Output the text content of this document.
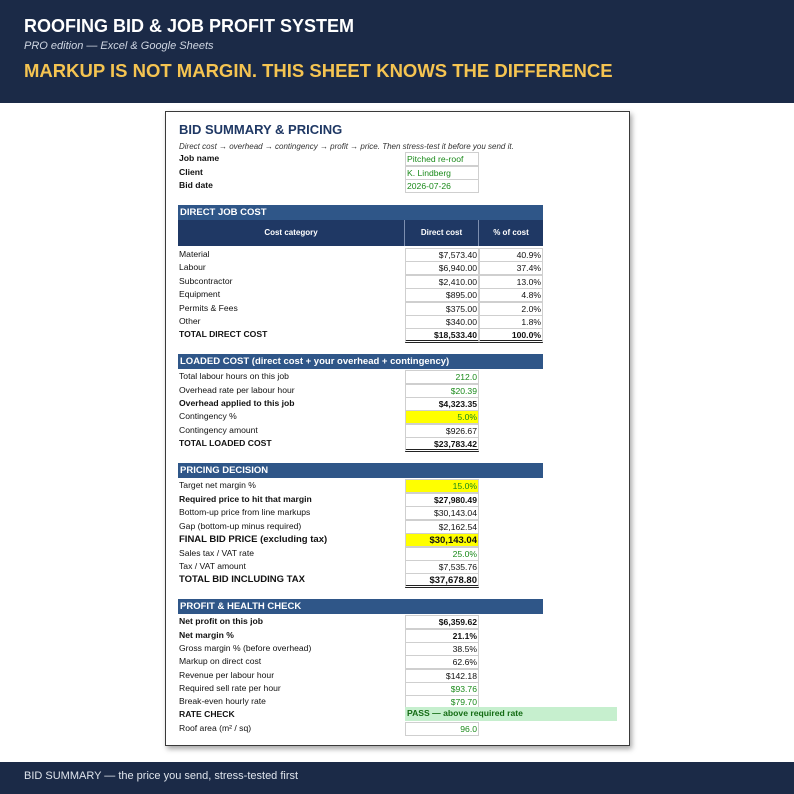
ROOFING BID & JOB PROFIT SYSTEM
PRO edition — Excel & Google Sheets
MARKUP IS NOT MARGIN. THIS SHEET KNOWS THE DIFFERENCE
BID SUMMARY & PRICING
Direct cost → overhead → contingency → profit → price. Then stress-test it before you send it.
Job name	Pitched re-roof
Client	K. Lindberg
Bid date	2026-07-26
DIRECT JOB COST
Cost category	Direct cost	% of cost
Material	$7,573.40	40.9%
Labour	$6,940.00	37.4%
Subcontractor	$2,410.00	13.0%
Equipment	$895.00	4.8%
Permits & Fees	$375.00	2.0%
Other	$340.00	1.8%
TOTAL DIRECT COST	$18,533.40	100.0%
LOADED COST (direct cost + your overhead + contingency)
Total labour hours on this job	212.0
Overhead rate per labour hour	$20.39
Overhead applied to this job	$4,323.35
Contingency %	5.0%
Contingency amount	$926.67
TOTAL LOADED COST	$23,783.42
PRICING DECISION
Target net margin %	15.0%
Required price to hit that margin	$27,980.49
Bottom-up price from line markups	$30,143.04
Gap (bottom-up minus required)	$2,162.54
FINAL BID PRICE (excluding tax)	$30,143.04
Sales tax / VAT rate	25.0%
Tax / VAT amount	$7,535.76
TOTAL BID INCLUDING TAX	$37,678.80
PROFIT & HEALTH CHECK
Net profit on this job	$6,359.62
Net margin %	21.1%
Gross margin % (before overhead)	38.5%
Markup on direct cost	62.6%
Revenue per labour hour	$142.18
Required sell rate per hour	$93.76
Break-even hourly rate	$79.70
RATE CHECK	PASS — above required rate
Roof area (m² / sq)	96.0
BID SUMMARY — the price you send, stress-tested first
